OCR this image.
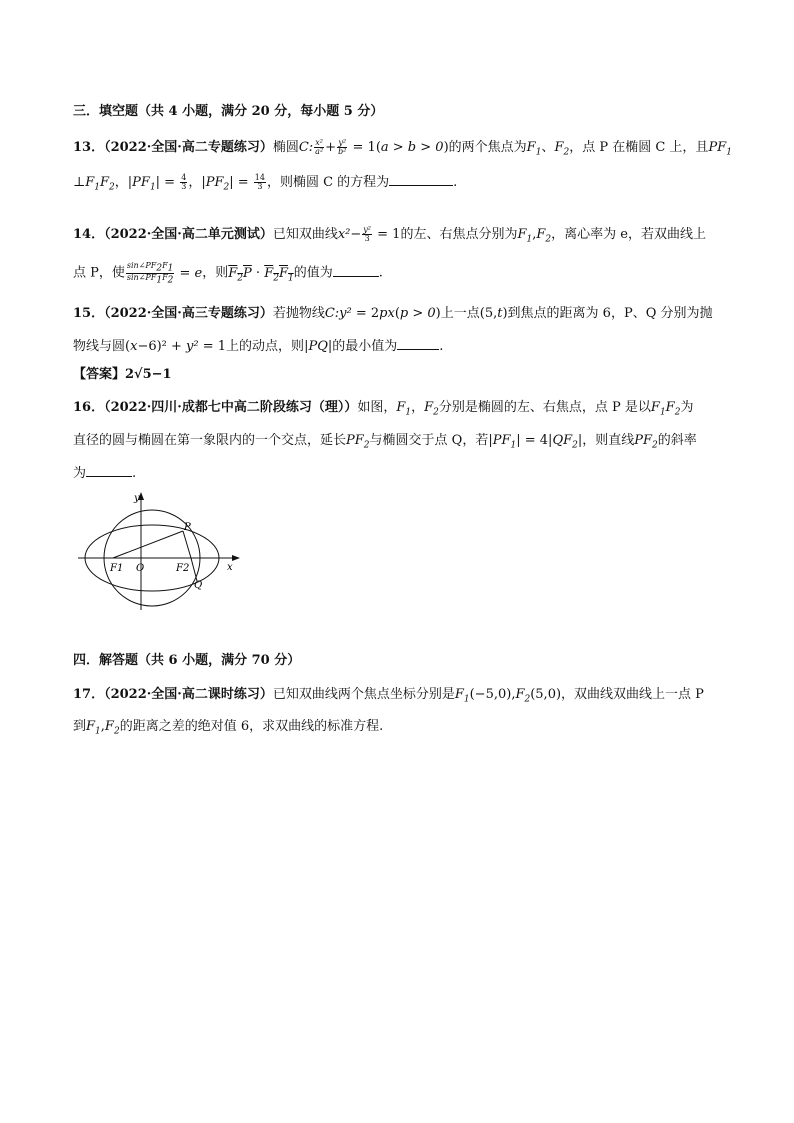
三．填空题（共 4 小题，满分 20 分，每小题 5 分）
13．（2022·全国·高二专题练习）椭圆C: $\frac{\text{x²}}{\text{a²}} + \frac{\text{y²}}{\text{b²}} = 1(a > b > 0)$的两个焦点为$F_1$、$F_2$，点 P 在椭圆 C 上，且$PF_1$
$\perp F_1F_2$，$|PF_1| = \frac{4}{3}$ ，$|PF_2| = \frac{14}{3}$ ，则椭圆 C 的方程为	.
14．（2022·全国·高二单元测试）已知双曲线$x^2- \frac{\text{y²}}{3} = 1$的左、右焦点分别为$F_1,F_2$，离心率为 e，若双曲线上
点 P，使 $\frac{\sin\angle PF_2F_1}{\sin\angle PF_1F_2} = e$，则$F_2P \cdot F_2F_1$的值为	.
15．（2022·全国·高三专题练习）若抛物线C:y² = 2px(p > 0)上一点(5,t)到焦点的距离为 6，P、Q 分别为抛
物线与圆(x−6)² + y² = 1上的动点，则|PQ|的最小值为	.
【答案】2√5−1
16．（2022·四川·成都七中高二阶段练习（理））如图，$F_1$，$F_2$分别是椭圆的左、右焦点，点 P 是以$F_1F_2$为
直径的圆与椭圆在第一象限内的一个交点，延长$PF_2$与椭圆交于点 Q，若$|PF_1| = 4|QF_2|$，则直线$PF_2$的斜率
为	.
y
P
F1 O	F2	x
Q
四．解答题（共 6 小题，满分 70 分）
17．（2022·全国·高二课时练习）已知双曲线两个焦点坐标分别是$F_1(-5,0),F_2(5,0)$，双曲线双曲线上一点 P
到$F_1,F_2$的距离之差的绝对值 6，求双曲线的标准方程.
